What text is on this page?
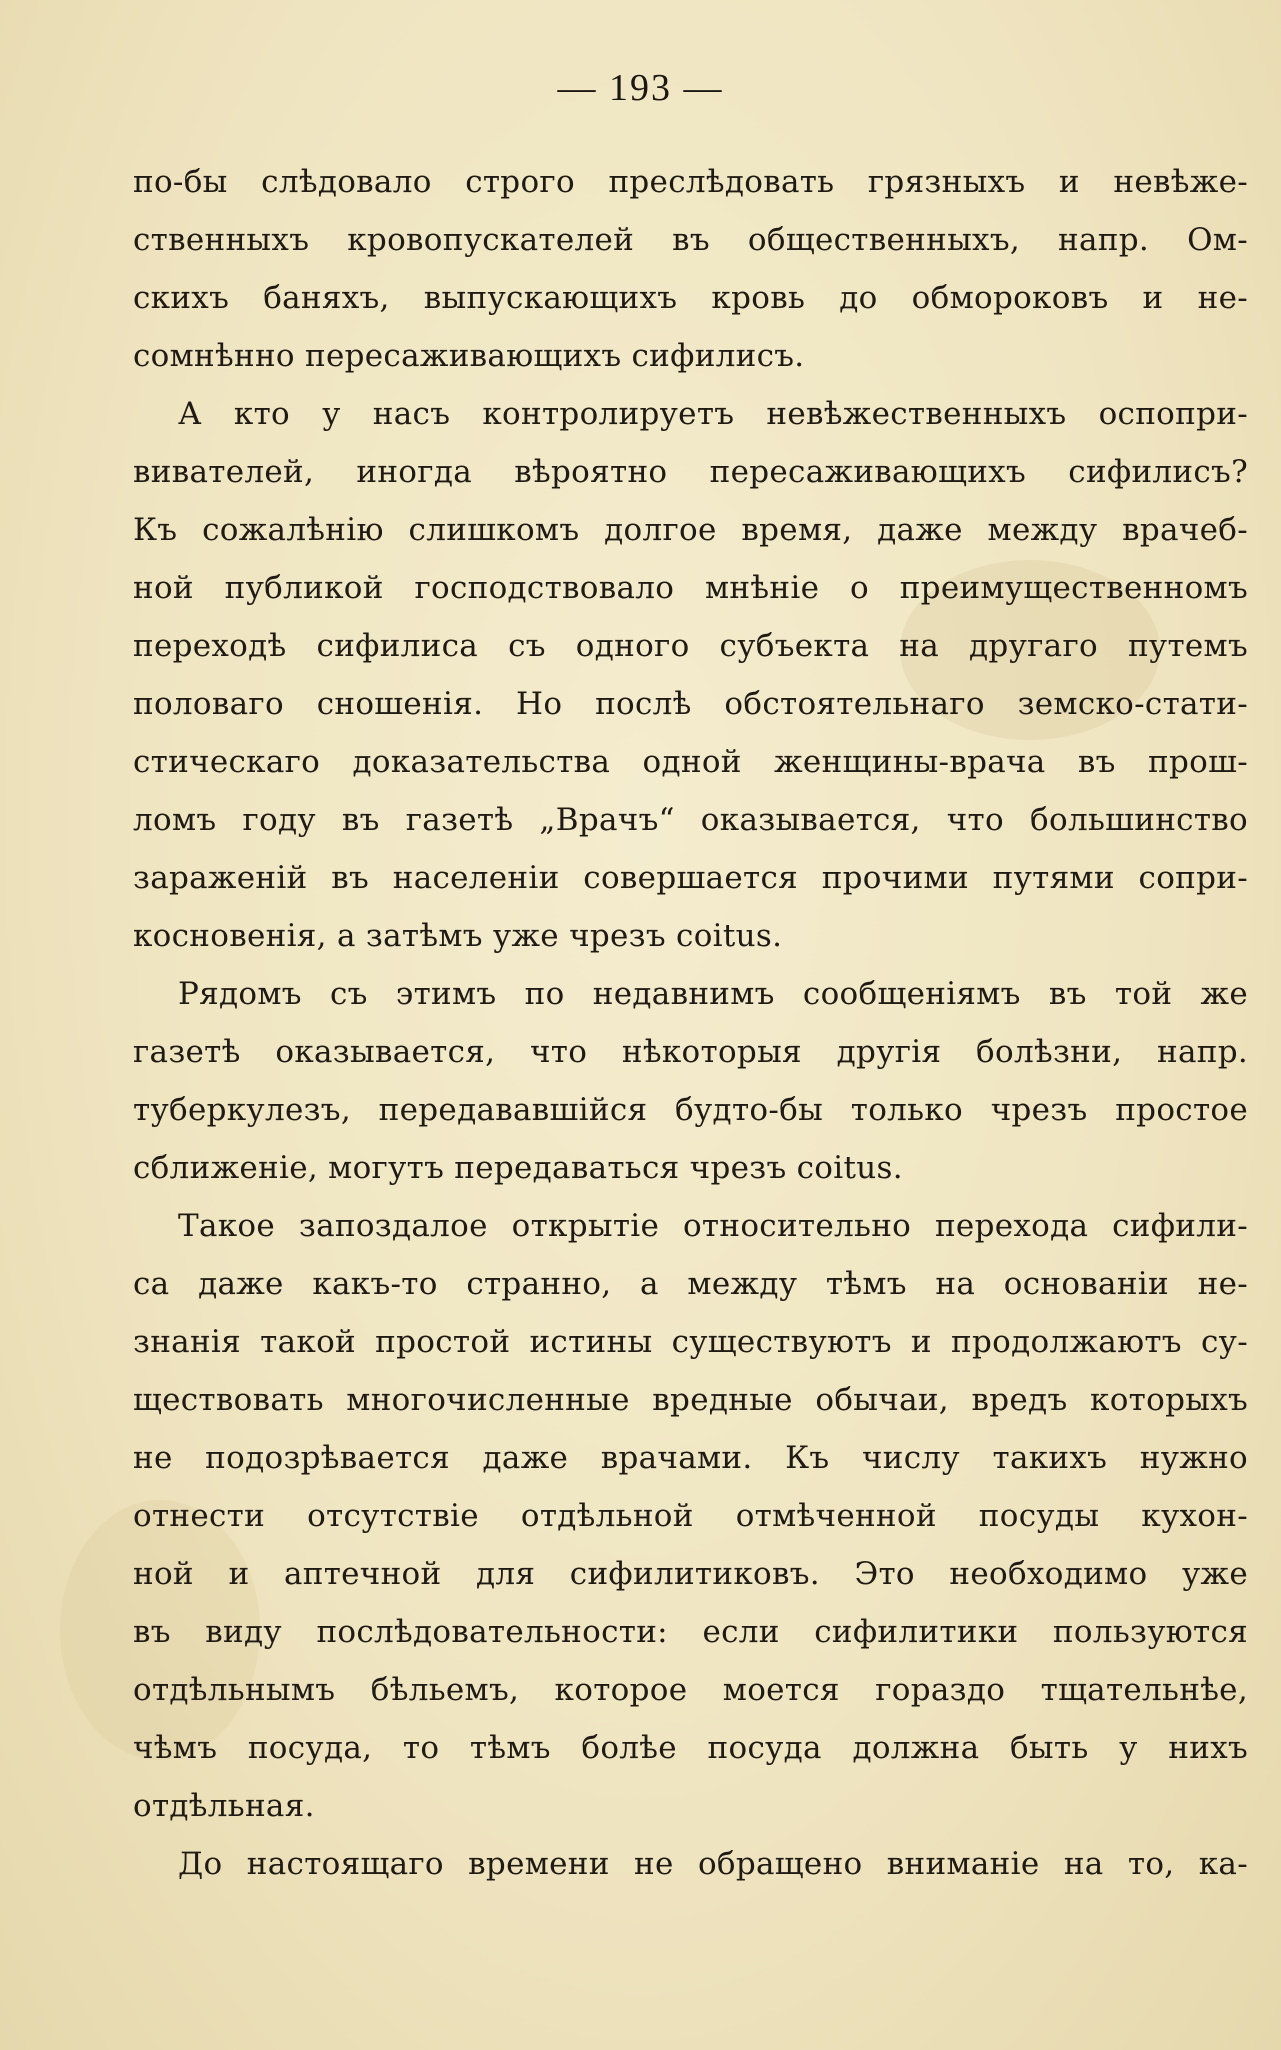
— 193 —
по-бы слѣдовало строго преслѣдовать грязныхъ и невѣже-
ственныхъ кровопускателей въ общественныхъ, напр. Ом-
скихъ баняхъ, выпускающихъ кровь до обмороковъ и не-
сомнѣнно пересаживающихъ сифилисъ.
А кто у насъ контролируетъ невѣжественныхъ оспопри-
вивателей, иногда вѣроятно пересаживающихъ сифилисъ?
Къ сожалѣнію слишкомъ долгое время, даже между врачеб-
ной публикой господствовало мнѣніе о преимущественномъ
переходѣ сифилиса съ одного субъекта на другаго путемъ
половаго сношенія. Но послѣ обстоятельнаго земско-стати-
стическаго доказательства одной женщины-врача въ прош-
ломъ году въ газетѣ „Врачъ“ оказывается, что большинство
зараженій въ населеніи совершается прочими путями сопри-
косновенія, а затѣмъ уже чрезъ coitus.
Рядомъ съ этимъ по недавнимъ сообщеніямъ въ той же
газетѣ оказывается, что нѣкоторыя другія болѣзни, напр.
туберкулезъ, передававшійся будто-бы только чрезъ простое
сближеніе, могутъ передаваться чрезъ coitus.
Такое запоздалое открытіе относительно перехода сифили-
са даже какъ-то странно, а между тѣмъ на основаніи не-
знанія такой простой истины существуютъ и продолжаютъ су-
ществовать многочисленные вредные обычаи, вредъ которыхъ
не подозрѣвается даже врачами. Къ числу такихъ нужно
отнести отсутствіе отдѣльной отмѣченной посуды кухон-
ной и аптечной для сифилитиковъ. Это необходимо уже
въ виду послѣдовательности: если сифилитики пользуются
отдѣльнымъ бѣльемъ, которое моется гораздо тщательнѣе,
чѣмъ посуда, то тѣмъ болѣе посуда должна быть у нихъ
отдѣльная.
До настоящаго времени не обращено вниманіе на то, ка-
